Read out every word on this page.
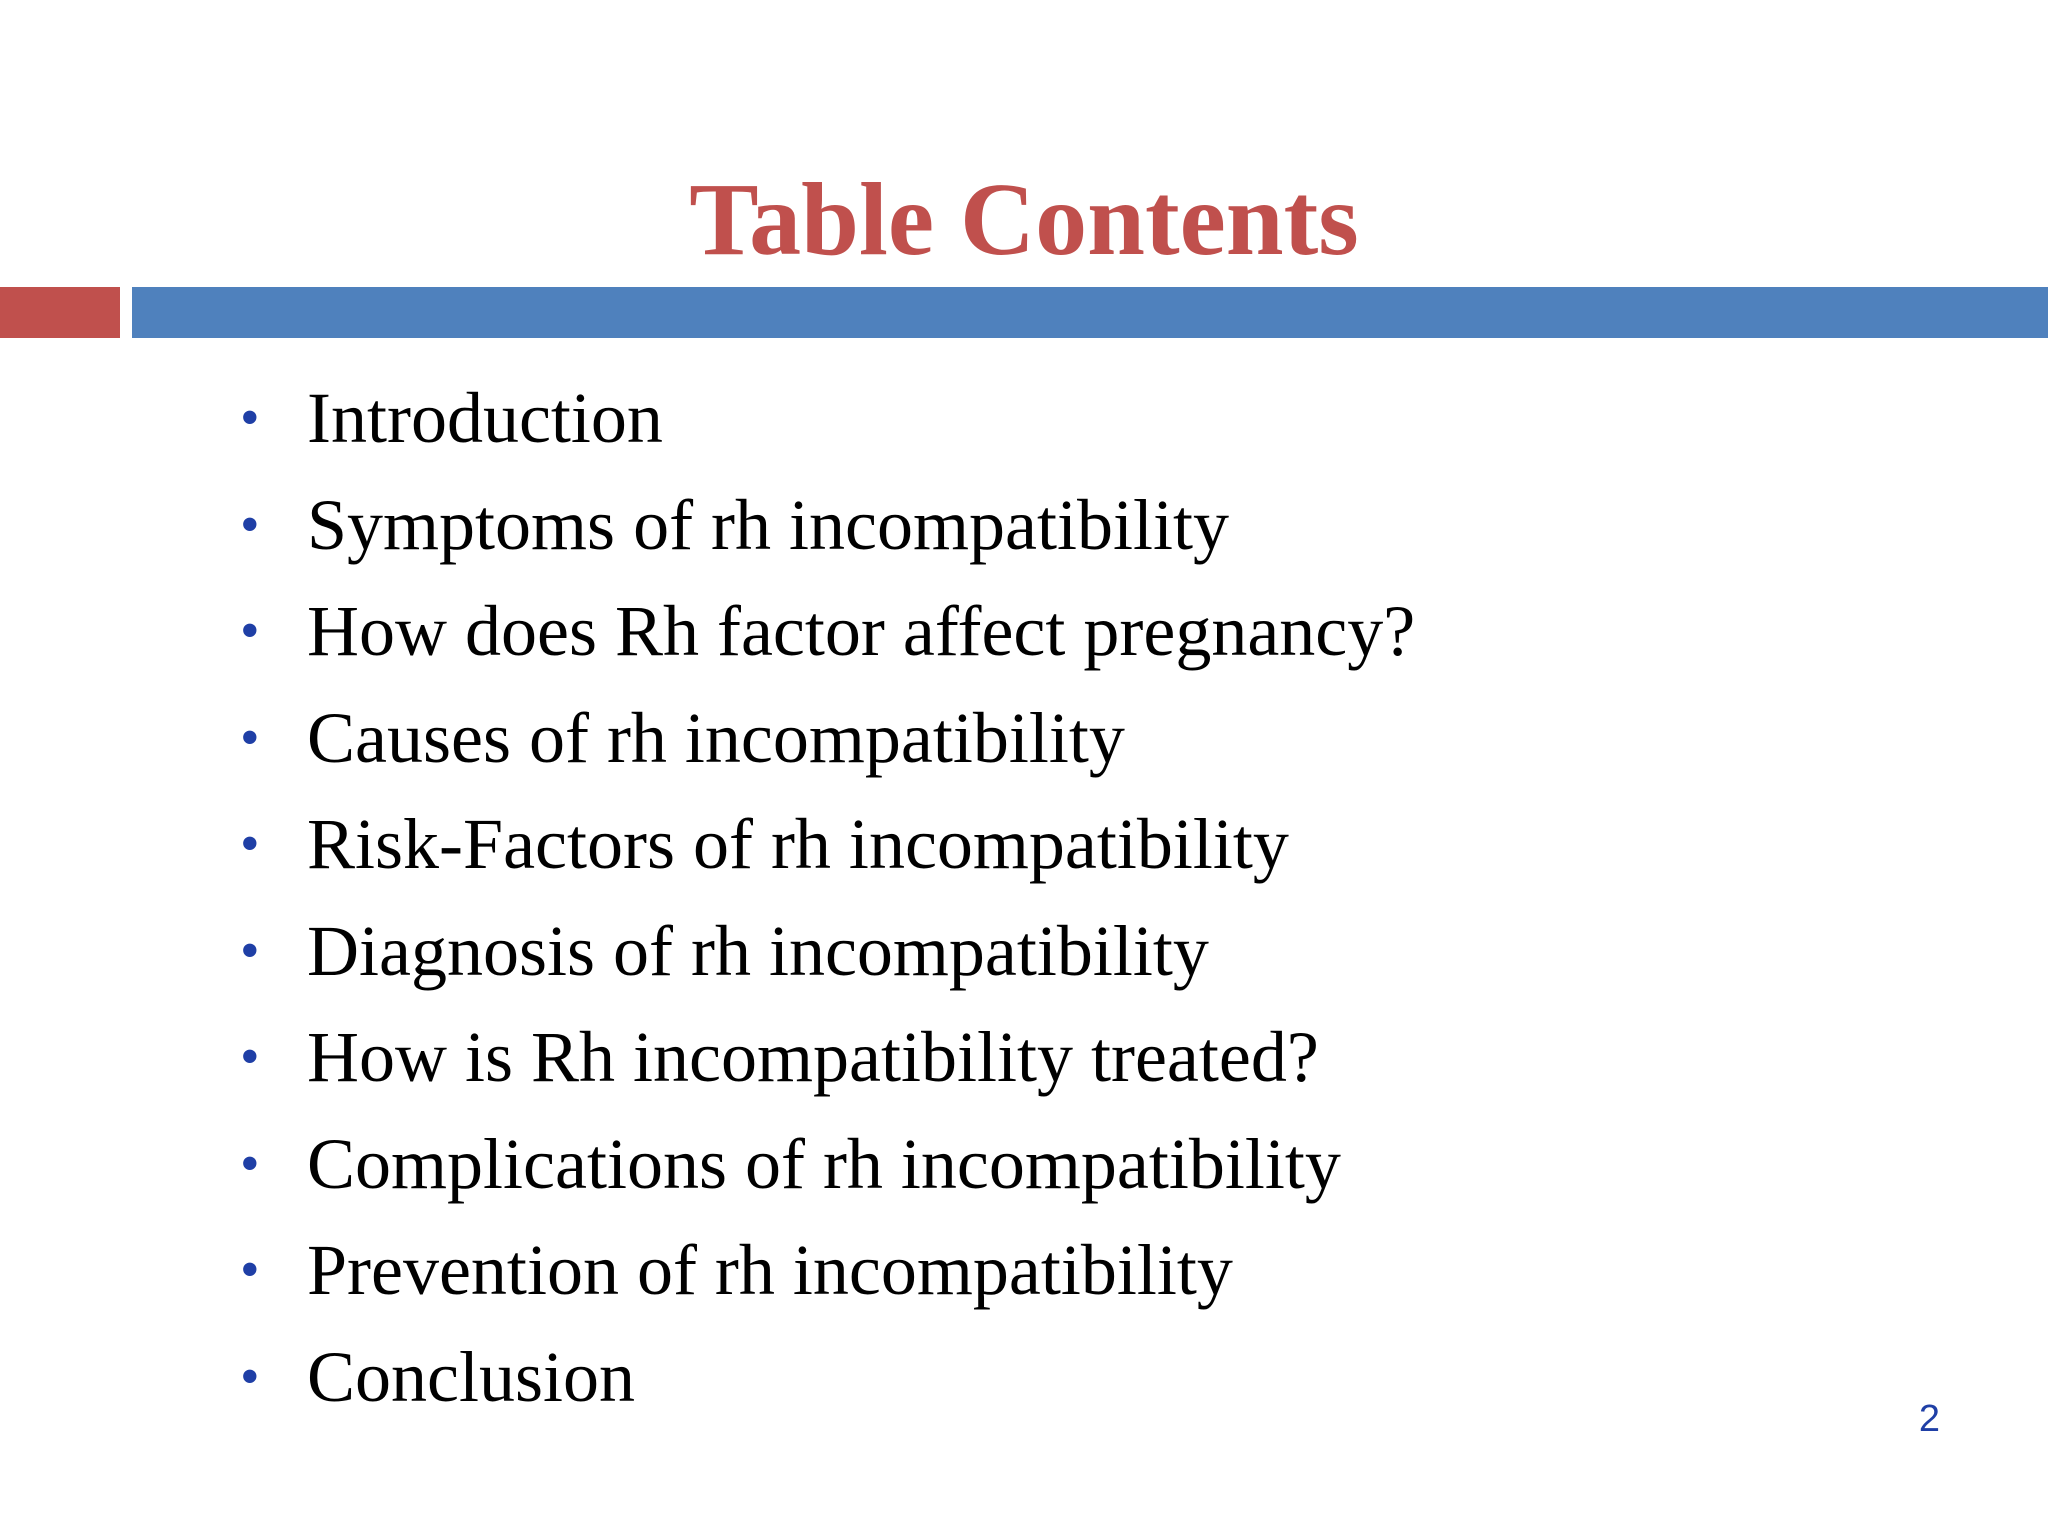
Table Contents
• Introduction
• Symptoms of rh incompatibility
• How does Rh factor affect pregnancy?
• Causes of rh incompatibility
• Risk-Factors of rh incompatibility
• Diagnosis of rh incompatibility
• How is Rh incompatibility treated?
• Complications of rh incompatibility
• Prevention of rh incompatibility
• Conclusion
2
